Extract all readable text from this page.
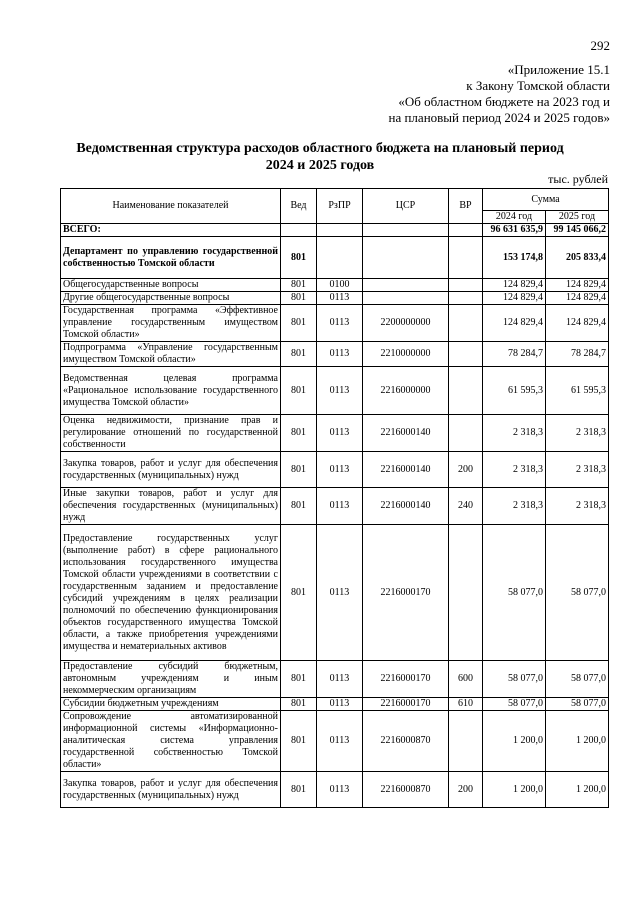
292
«Приложение 15.1
к Закону Томской области
«Об областном бюджете на 2023 год и
на плановый период 2024 и 2025 годов»
Ведомственная структура расходов областного бюджета на плановый период
2024 и 2025 годов
тыс. рублей
Наименование показателей	Вед	РзПР	ЦСР	ВР	Сумма	
					2024 год	2025 год
ВСЕГО:					96 631 635,9	99 145 066,2
Департамент по управлению государственной собственностью Томской области	801				153 174,8	205 833,4
Общегосударственные вопросы	801	0100			124 829,4	124 829,4
Другие общегосударственные вопросы	801	0113			124 829,4	124 829,4
Государственная программа «Эффективное управление государственным имуществом Томской области»	801	0113	2200000000		124 829,4	124 829,4
Подпрограмма «Управление государственным имуществом Томской области»	801	0113	2210000000		78 284,7	78 284,7
Ведомственная целевая программа «Рациональное использование государственного имущества Томской области»	801	0113	2216000000		61 595,3	61 595,3
Оценка недвижимости, признание прав и регулирование отношений по государственной собственности	801	0113	2216000140		2 318,3	2 318,3
Закупка товаров, работ и услуг для обеспечения государственных (муниципальных) нужд	801	0113	2216000140	200	2 318,3	2 318,3
Иные закупки товаров, работ и услуг для обеспечения государственных (муниципальных) нужд	801	0113	2216000140	240	2 318,3	2 318,3
Предоставление государственных услуг (выполнение работ) в сфере рационального использования государственного имущества Томской области учреждениями в соответствии с государственным заданием и предоставление субсидий учреждениям в целях реализации полномочий по обеспечению функционирования объектов государственного имущества Томской области, а также приобретения учреждениями имущества и нематериальных активов	801	0113	2216000170		58 077,0	58 077,0
Предоставление субсидий бюджетным, автономным учреждениям и иным некоммерческим организациям	801	0113	2216000170	600	58 077,0	58 077,0
Субсидии бюджетным учреждениям	801	0113	2216000170	610	58 077,0	58 077,0
Сопровождение автоматизированной информационной системы «Информационно-аналитическая система управления государственной собственностью Томской области»	801	0113	2216000870		1 200,0	1 200,0
Закупка товаров, работ и услуг для обеспечения государственных (муниципальных) нужд	801	0113	2216000870	200	1 200,0	1 200,0
